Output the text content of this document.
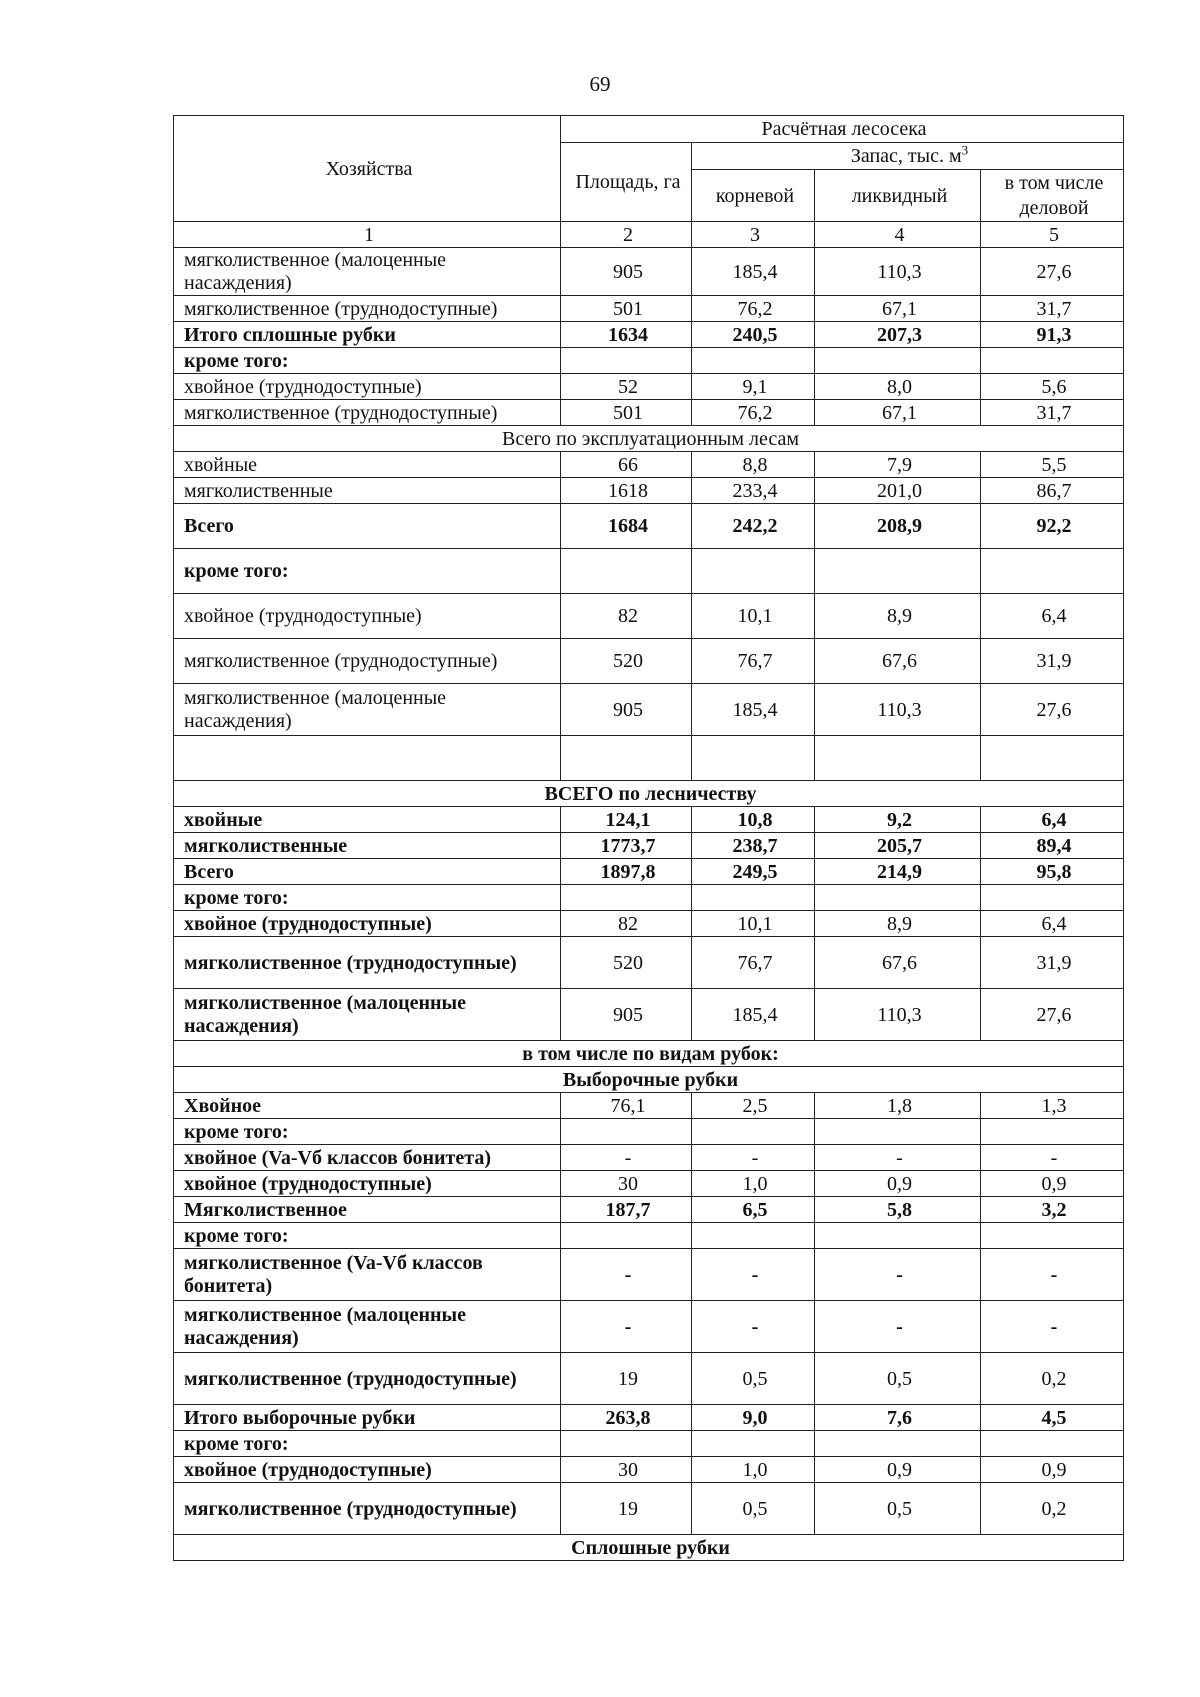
69
Хозяйства	Расчётная лесосека			
	Площадь, га	Запас, тыс. $м^3$
		корневой	ликвидный	в том числе деловой
1	2	3	4	5
мягколиственное (малоценные насаждения)	905	185,4	110,3	27,6
мягколиственное (труднодоступные)	501	76,2	67,1	31,7
Итого сплошные рубки	1634	240,5	207,3	91,3
кроме того:				
хвойное (труднодоступные)	52	9,1	8,0	5,6
мягколиственное (труднодоступные)	501	76,2	67,1	31,7
Всего по эксплуатационным лесам				
хвойные	66	8,8	7,9	5,5
мягколиственные	1618	233,4	201,0	86,7
Всего	1684	242,2	208,9	92,2
кроме того:				
хвойное (труднодоступные)	82	10,1	8,9	6,4
мягколиственное (труднодоступные)	520	76,7	67,6	31,9
мягколиственное (малоценные насаждения)	905	185,4	110,3	27,6

ВСЕГО по лесничеству				
хвойные	124,1	10,8	9,2	6,4
мягколиственные	1773,7	238,7	205,7	89,4
Всего	1897,8	249,5	214,9	95,8
кроме того:				
хвойное (труднодоступные)	82	10,1	8,9	6,4
мягколиственное (труднодоступные)	520	76,7	67,6	31,9
мягколиственное (малоценные насаждения)	905	185,4	110,3	27,6
в том числе по видам рубок:				
Выборочные рубки				
Хвойное	76,1	2,5	1,8	1,3
кроме того:				
хвойное (Va-Vб классов бонитета)	-	-	-	-
хвойное (труднодоступные)	30	1,0	0,9	0,9
Мягколиственное	187,7	6,5	5,8	3,2
кроме того:				
мягколиственное (Va-Vб классов бонитета)	-	-	-	-
мягколиственное (малоценные насаждения)	-	-	-	-
мягколиственное (труднодоступные)	19	0,5	0,5	0,2
Итого выборочные рубки	263,8	9,0	7,6	4,5
кроме того:				
хвойное (труднодоступные)	30	1,0	0,9	0,9
мягколиственное (труднодоступные)	19	0,5	0,5	0,2
Сплошные рубки				
